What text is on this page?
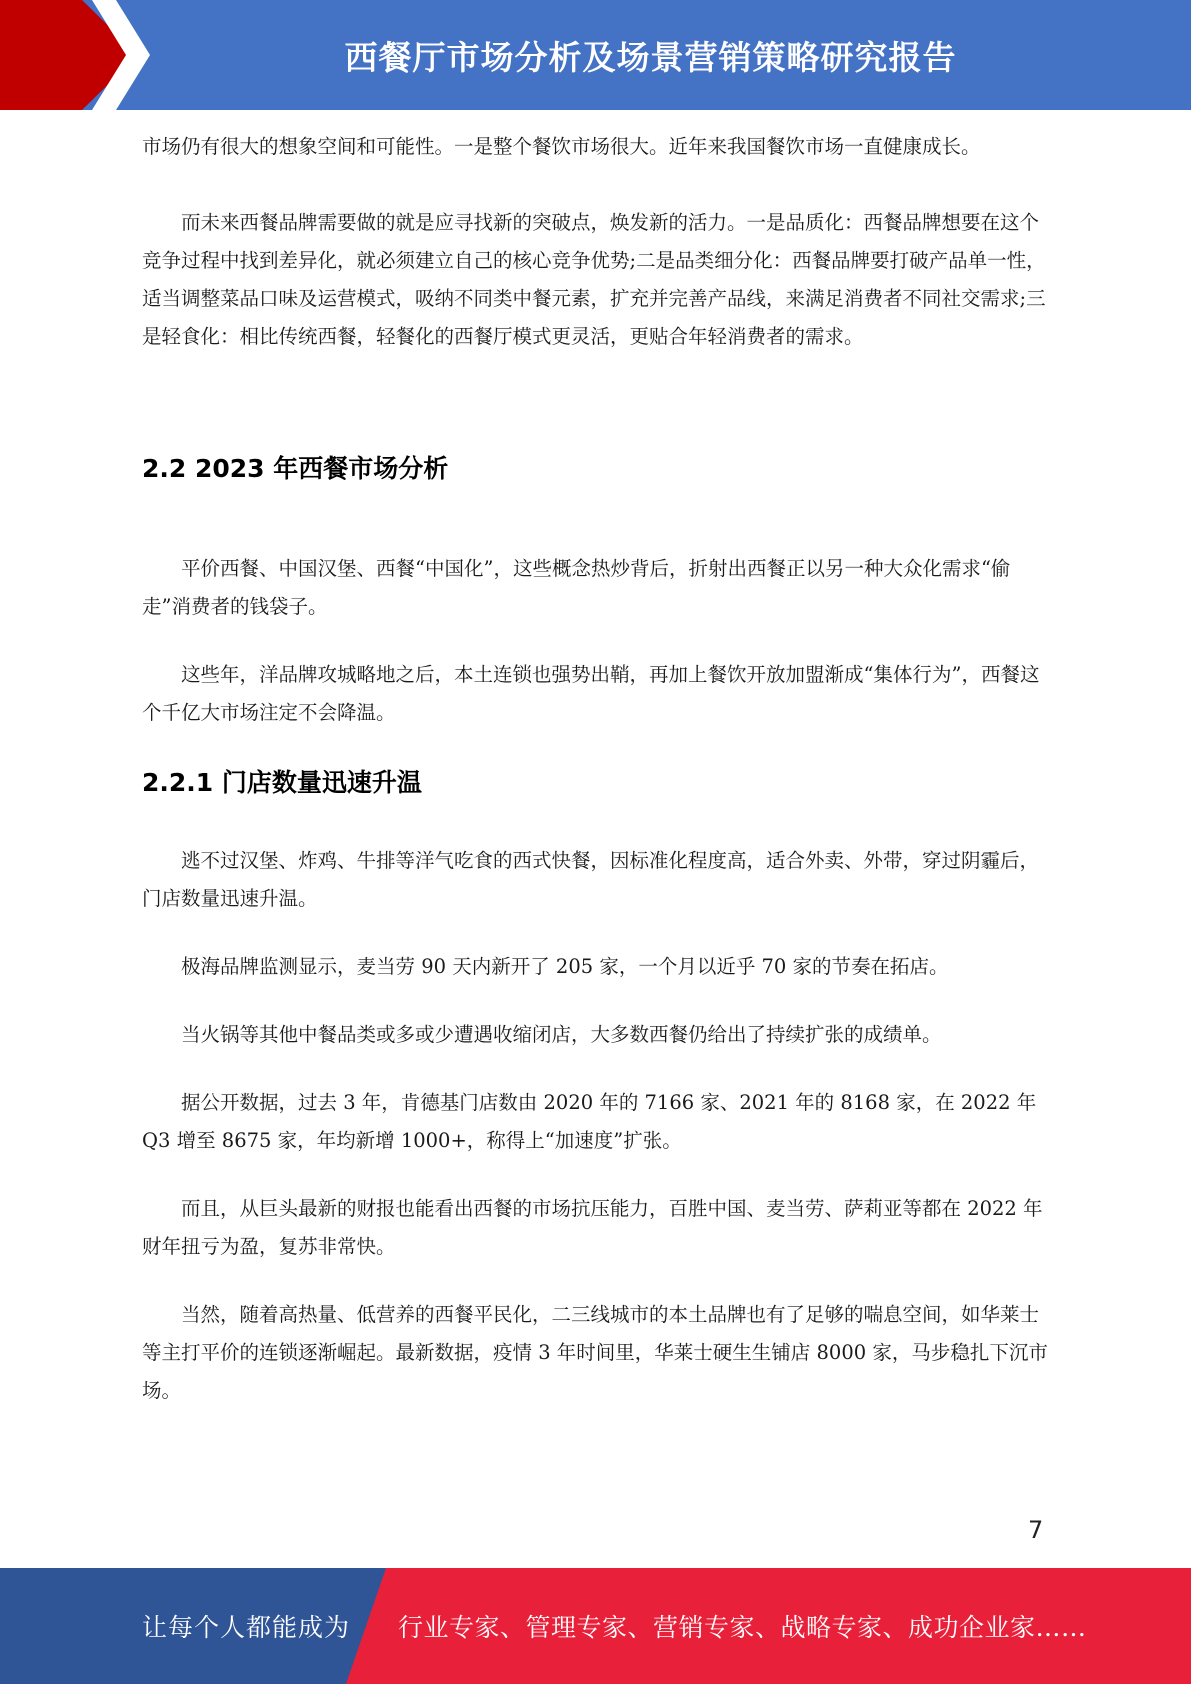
西餐厅市场分析及场景营销策略研究报告

市场仍有很大的想象空间和可能性。一是整个餐饮市场很大。近年来我国餐饮市场一直健康成长。

而未来西餐品牌需要做的就是应寻找新的突破点，焕发新的活力。一是品质化：西餐品牌想要在这个竞争过程中找到差异化，就必须建立自己的核心竞争优势;二是品类细分化：西餐品牌要打破产品单一性，适当调整菜品口味及运营模式，吸纳不同类中餐元素，扩充并完善产品线，来满足消费者不同社交需求;三是轻食化：相比传统西餐，轻餐化的西餐厅模式更灵活，更贴合年轻消费者的需求。

2.2 2023 年西餐市场分析

平价西餐、中国汉堡、西餐“中国化”，这些概念热炒背后，折射出西餐正以另一种大众化需求“偷走”消费者的钱袋子。

这些年，洋品牌攻城略地之后，本土连锁也强势出鞘，再加上餐饮开放加盟渐成“集体行为”，西餐这个千亿大市场注定不会降温。

2.2.1 门店数量迅速升温

逃不过汉堡、炸鸡、牛排等洋气吃食的西式快餐，因标准化程度高，适合外卖、外带，穿过阴霾后，门店数量迅速升温。

极海品牌监测显示，麦当劳 90 天内新开了 205 家，一个月以近乎 70 家的节奏在拓店。

当火锅等其他中餐品类或多或少遭遇收缩闭店，大多数西餐仍给出了持续扩张的成绩单。

据公开数据，过去 3 年，肯德基门店数由 2020 年的 7166 家、2021 年的 8168 家，在 2022 年 Q3 增至 8675 家，年均新增 1000+，称得上“加速度”扩张。

而且，从巨头最新的财报也能看出西餐的市场抗压能力，百胜中国、麦当劳、萨莉亚等都在 2022 年财年扭亏为盈，复苏非常快。

当然，随着高热量、低营养的西餐平民化，二三线城市的本土品牌也有了足够的喘息空间，如华莱士等主打平价的连锁逐渐崛起。最新数据，疫情 3 年时间里，华莱士硬生生铺店 8000 家，马步稳扎下沉市场。

7
让每个人都能成为 行业专家、管理专家、营销专家、战略专家、成功企业家……
